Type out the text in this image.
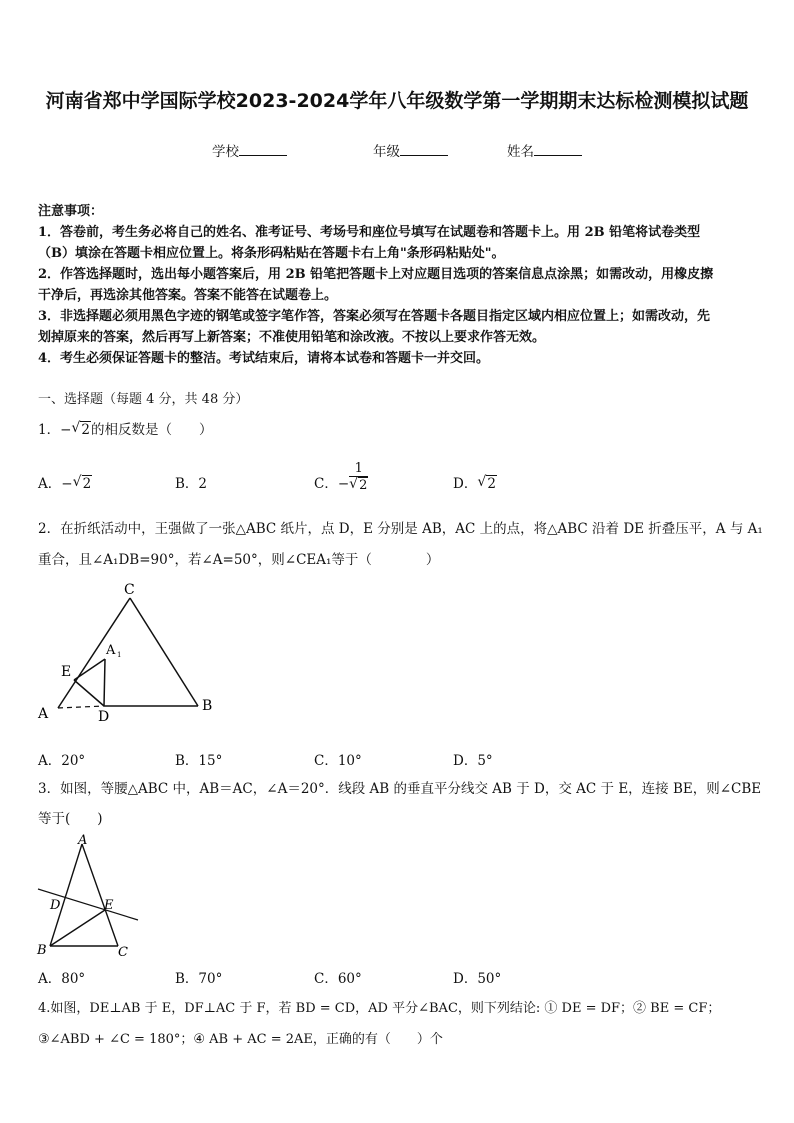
河南省郑中学国际学校2023-2024学年八年级数学第一学期期末达标检测模拟试题
学校	年级	姓名
注意事项：
1．答卷前，考生务必将自己的姓名、准考证号、考场号和座位号填写在试题卷和答题卡上。用 2B 铅笔将试卷类型
（B）填涂在答题卡相应位置上。将条形码粘贴在答题卡右上角"条形码粘贴处"。
2．作答选择题时，选出每小题答案后，用 2B 铅笔把答题卡上对应题目选项的答案信息点涂黑；如需改动，用橡皮擦
干净后，再选涂其他答案。答案不能答在试题卷上。
3．非选择题必须用黑色字迹的钢笔或签字笔作答，答案必须写在答题卡各题目指定区域内相应位置上；如需改动，先
划掉原来的答案，然后再写上新答案；不准使用铅笔和涂改液。不按以上要求作答无效。
4．考生必须保证答题卡的整洁。考试结束后，请将本试卷和答题卡一并交回。
一、选择题（每题 4 分，共 48 分）
1．− √ 2的相反数是（　　）
A．− √ 2	B．2	C．− $\frac{1}{√ 2}$	D． √ 2
2．在折纸活动中，王强做了一张△ABC 纸片，点 D，E 分别是 AB，AC 上的点，将△ABC 沿着 DE 折叠压平，A 与 A₁
重合，且∠A₁DB=90°，若∠A=50°，则∠CEA₁等于（　　　　）
C
A 1
E
A	D
B
A．20°	B．15°	C．10°	D．5°
3．如图，等腰△ABC 中，AB＝AC，∠A＝20°．线段 AB 的垂直平分线交 AB 于 D，交 AC 于 E，连接 BE，则∠CBE
等于(　　)
A
D	E
B	C
A．80°	B．70°	C．60°	D．50°
4.如图，DE⊥AB 于 E，DF⊥AC 于 F，若 BD = CD，AD 平分∠BAC，则下列结论: ① DE = DF；② BE = CF；
③∠ABD + ∠C = 180°；④ AB + AC = 2AE，正确的有（　　）个
